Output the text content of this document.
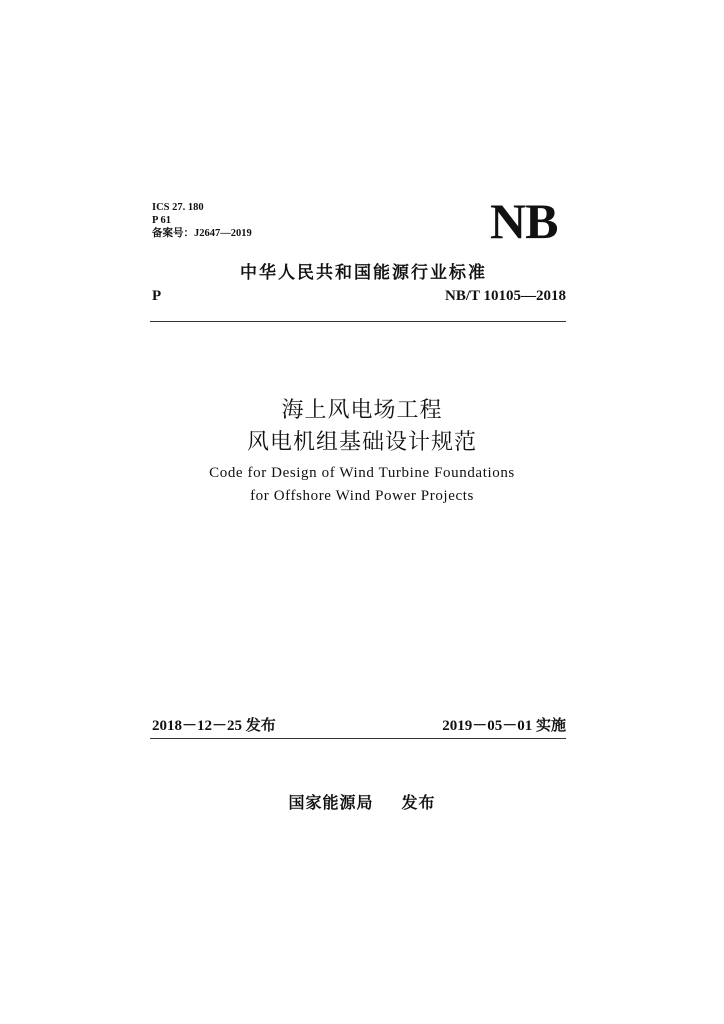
ICS 27. 180
P 61
备案号：J2647—2019	NB
中华人民共和国能源行业标准
P	NB/T 10105—2018
海上风电场工程
风电机组基础设计规范
Code for Design of Wind Turbine Foundations
for Offshore Wind Power Projects
2018－12－25 发布	2019－05－01 实施
国家能源局 发布
